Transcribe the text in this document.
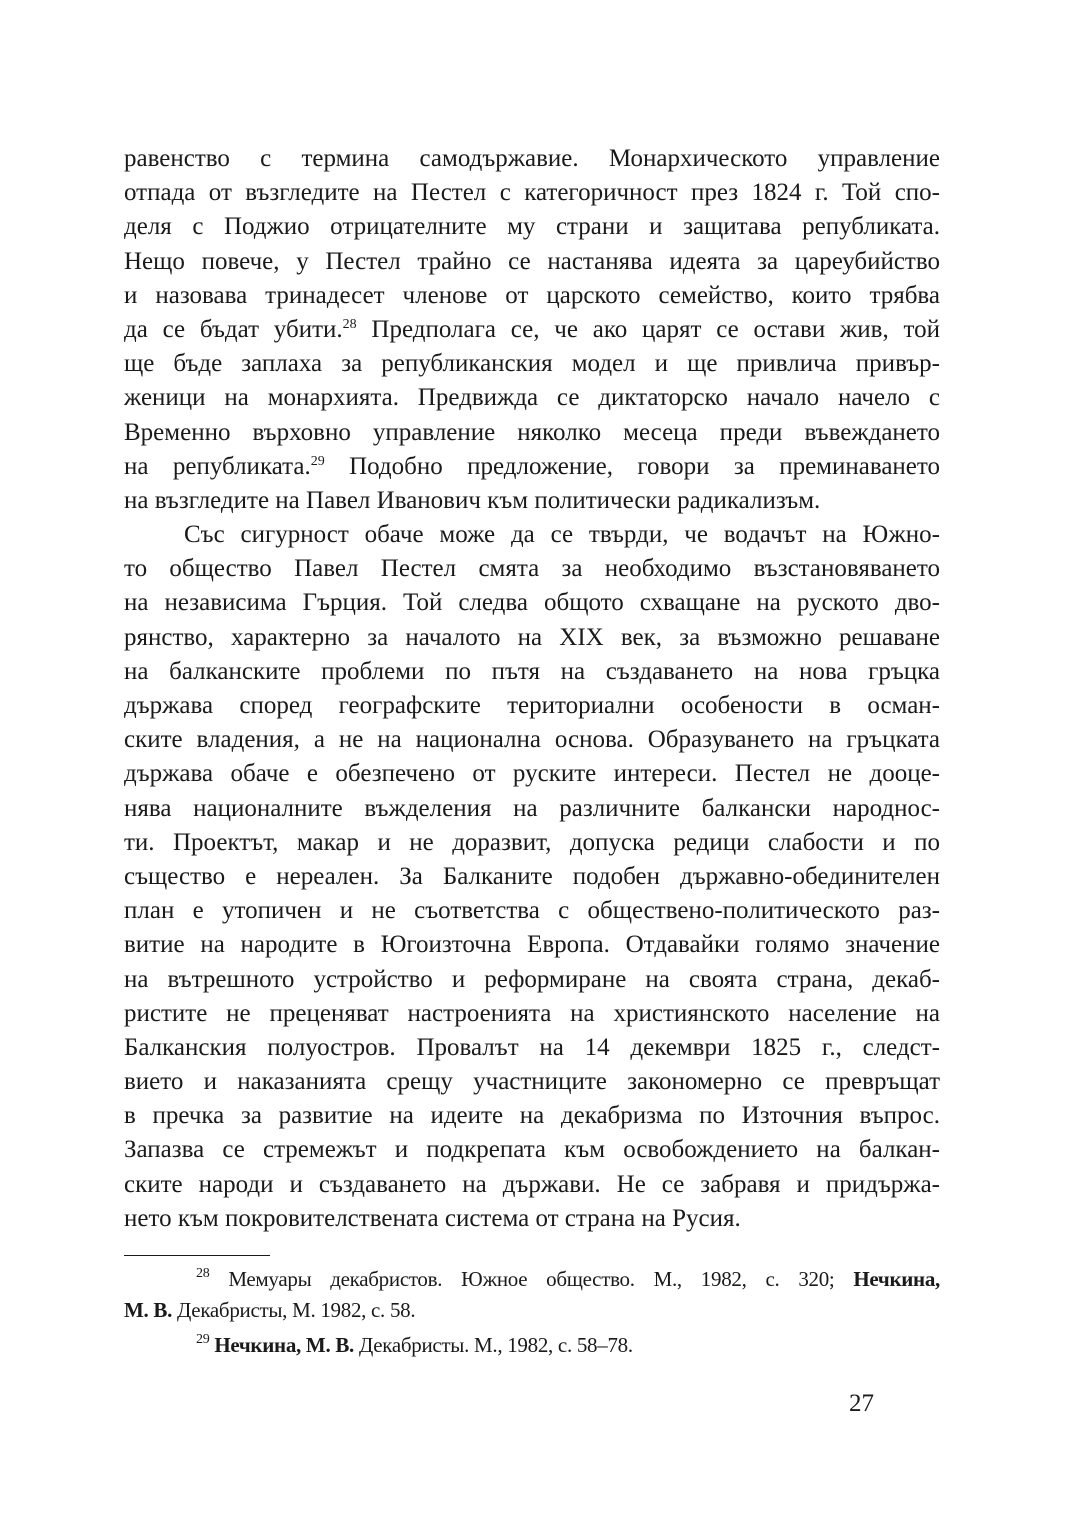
равенство с термина самодържавие. Монархическото управление
отпада от възгледите на Пестел с категоричност през 1824 г. Той спо-
деля с Поджио отрицателните му страни и защитава републиката.
Нещо повече, у Пестел трайно се настанява идеята за цареубийство
и назовава тринадесет членове от царското семейство, които трябва
да се бъдат убити.$^{28}$ Предполага се, че ако царят се остави жив, той
ще бъде заплаха за републиканския модел и ще привлича привър-
женици на монархията. Предвижда се диктаторско начало начело с
Временно върховно управление няколко месеца преди въвеждането
на републиката.$^{29}$ Подобно предложение, говори за преминаването
на възгледите на Павел Иванович към политически радикализъм.
Със сигурност обаче може да се твърди, че водачът на Южно-
то общество Павел Пестел смята за необходимо възстановяването
на независима Гърция. Той следва общото схващане на руското дво-
рянство, характерно за началото на XIX век, за възможно решаване
на балканските проблеми по пътя на създаването на нова гръцка
държава според географските териториални особености в осман-
ските владения, а не на национална основа. Образуването на гръцката
държава обаче е обезпечено от руските интереси. Пестел не дооце-
нява националните въжделения на различните балкански народнос-
ти. Проектът, макар и не доразвит, допуска редици слабости и по
същество е нереален. За Балканите подобен държавно-обединителен
план е утопичен и не съответства с обществено-политическото раз-
витие на народите в Югоизточна Европа. Отдавайки голямо значение
на вътрешното устройство и реформиране на своята страна, декаб-
ристите не преценяват настроенията на християнското население на
Балканския полуостров. Провалът на 14 декември 1825 г., следст-
вието и наказанията срещу участниците закономерно се превръщат
в пречка за развитие на идеите на декабризма по Източния въпрос.
Запазва се стремежът и подкрепата към освобождението на балкан-
ските народи и създаването на държави. Не се забравя и придържа-
нето към покровителствената система от страна на Русия.
$^{28}$ Мемуары декабристов. Южное общество. М., 1982, с. 320; Нечкина,
М. В. Декабристы, М. 1982, с. 58.
$^{29}$ Нечкина, М. В. Декабристы. М., 1982, с. 58–78.
27
